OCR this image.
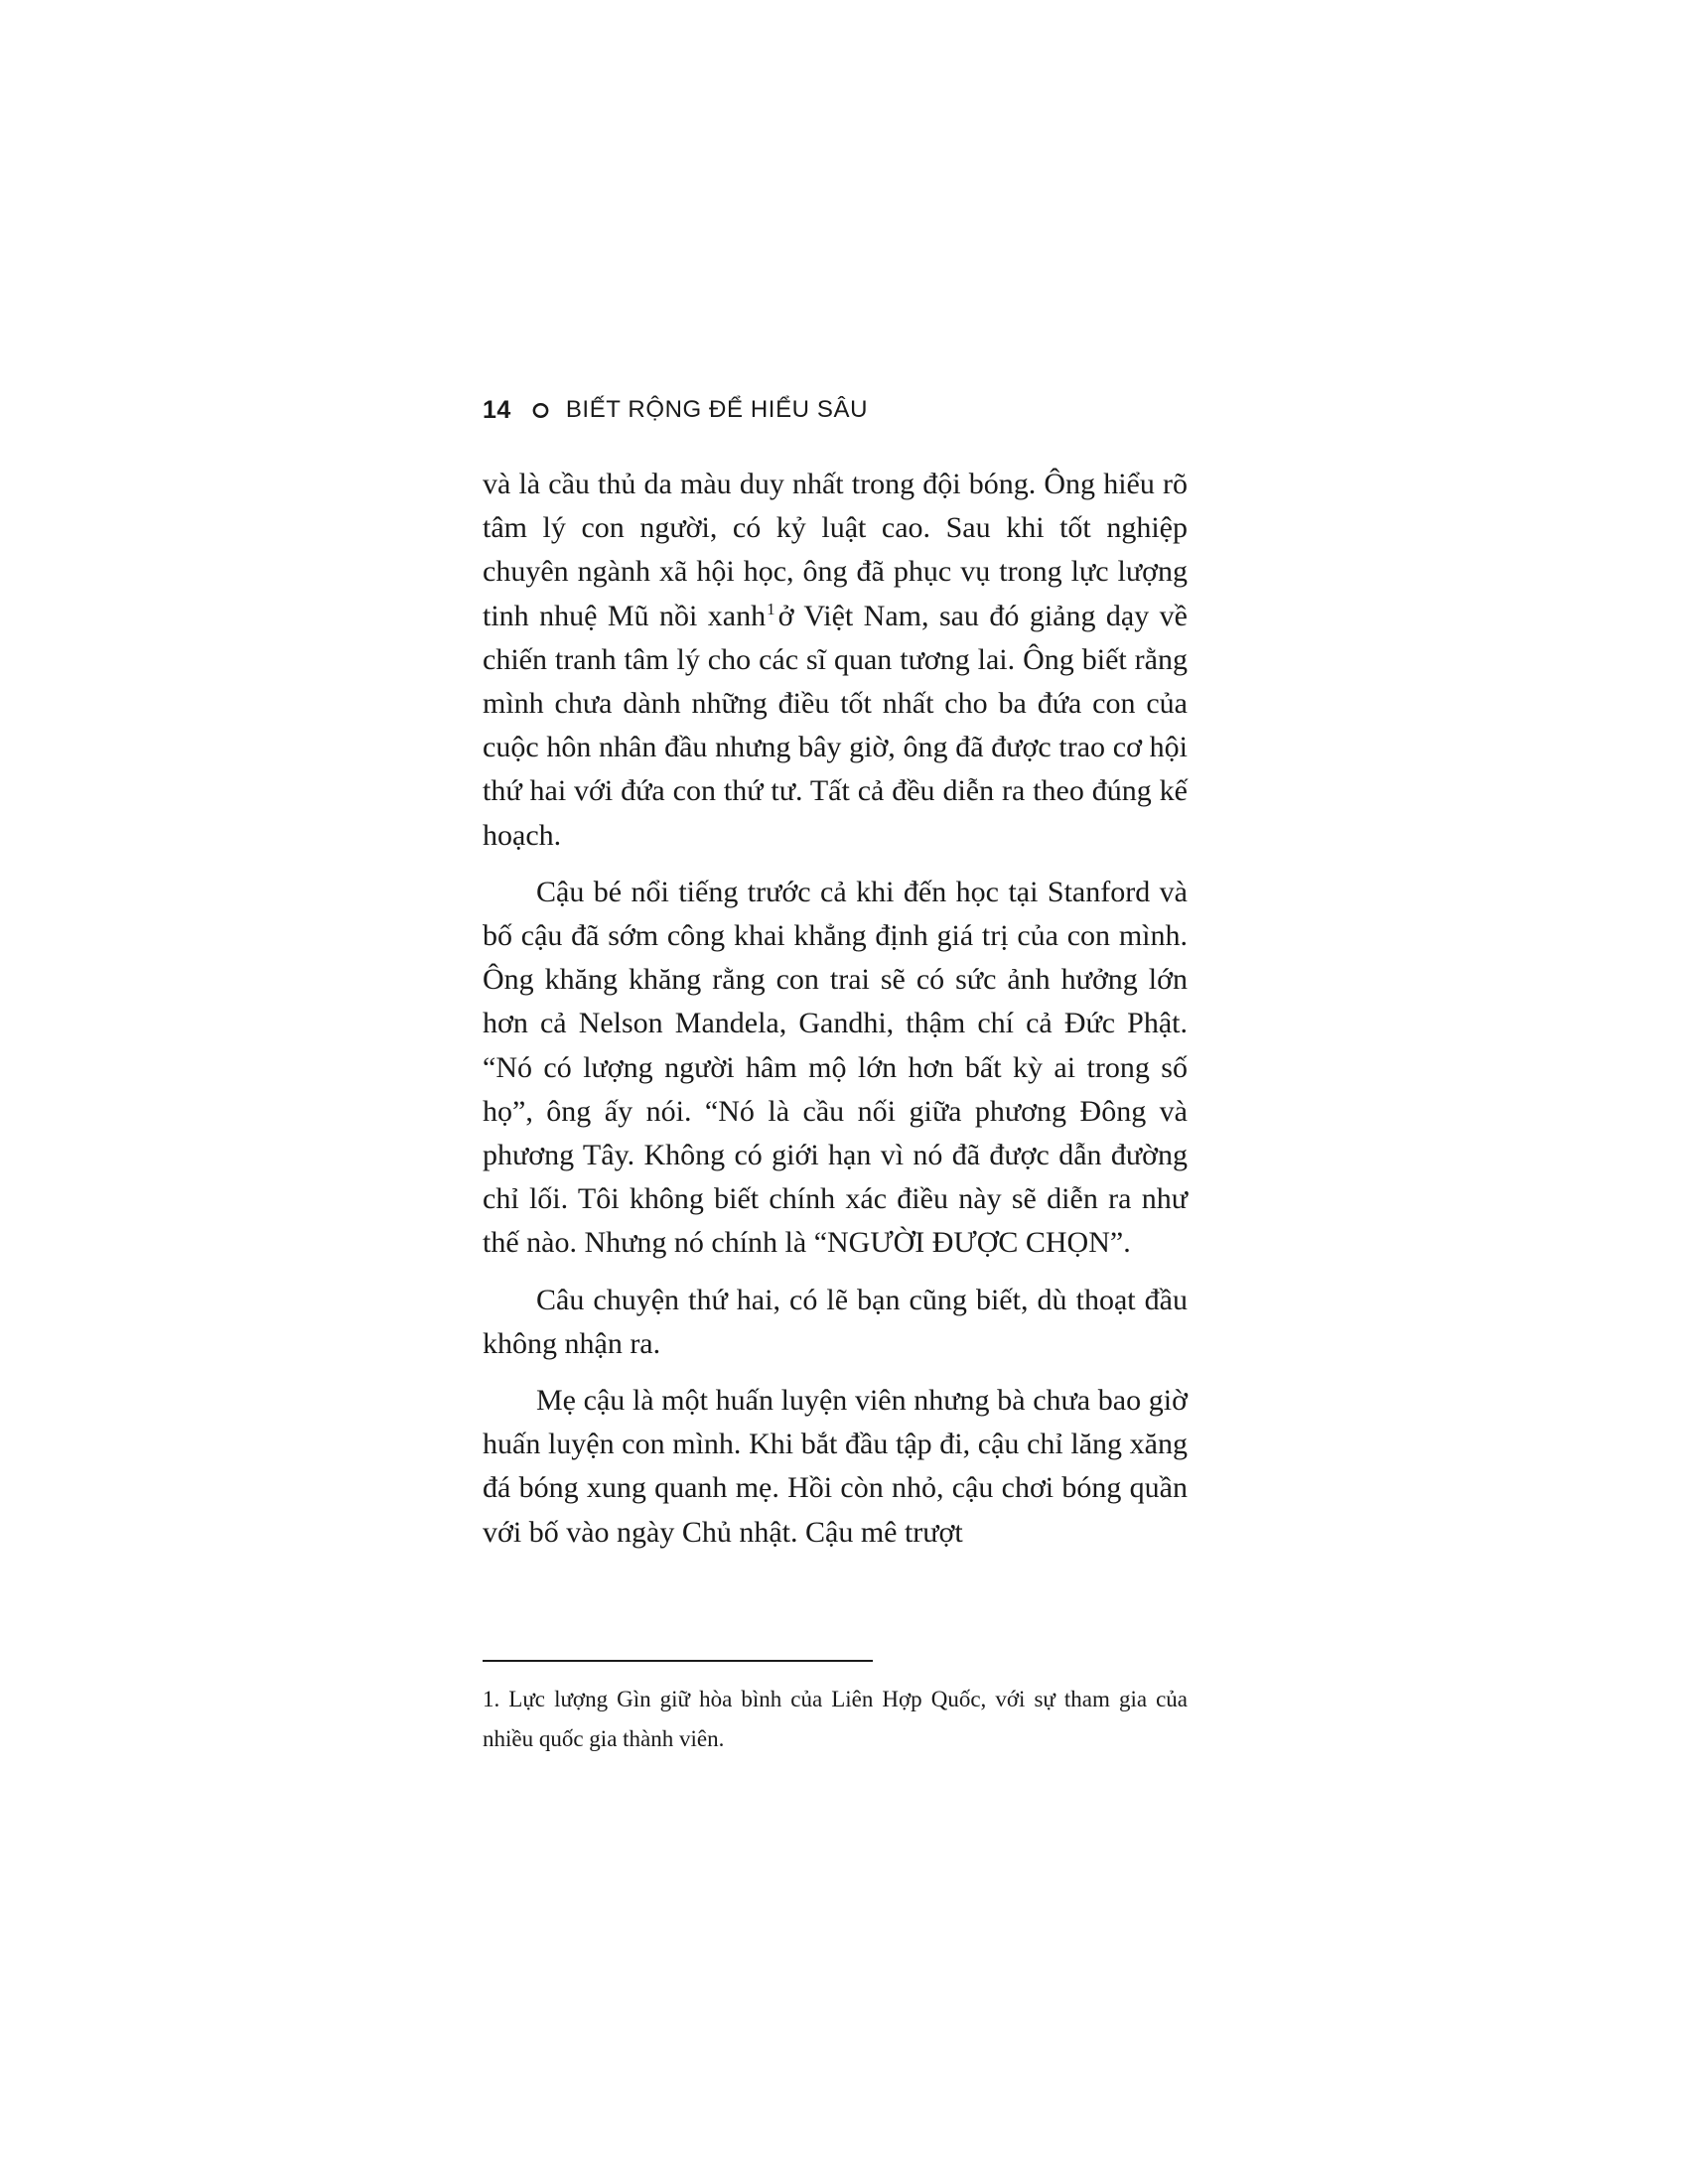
14 BIẾT RỘNG ĐỂ HIỂU SÂU

và là cầu thủ da màu duy nhất trong đội bóng. Ông hiểu rõ tâm lý con người, có kỷ luật cao. Sau khi tốt nghiệp chuyên ngành xã hội học, ông đã phục vụ trong lực lượng tinh nhuệ Mũ nồi xanh$^1$ ở Việt Nam, sau đó giảng dạy về chiến tranh tâm lý cho các sĩ quan tương lai. Ông biết rằng mình chưa dành những điều tốt nhất cho ba đứa con của cuộc hôn nhân đầu nhưng bây giờ, ông đã được trao cơ hội thứ hai với đứa con thứ tư. Tất cả đều diễn ra theo đúng kế hoạch.

Cậu bé nổi tiếng trước cả khi đến học tại Stanford và bố cậu đã sớm công khai khẳng định giá trị của con mình. Ông khăng khăng rằng con trai sẽ có sức ảnh hưởng lớn hơn cả Nelson Mandela, Gandhi, thậm chí cả Đức Phật. “Nó có lượng người hâm mộ lớn hơn bất kỳ ai trong số họ”, ông ấy nói. “Nó là cầu nối giữa phương Đông và phương Tây. Không có giới hạn vì nó đã được dẫn đường chỉ lối. Tôi không biết chính xác điều này sẽ diễn ra như thế nào. Nhưng nó chính là “NGƯỜI ĐƯỢC CHỌN”.

Câu chuyện thứ hai, có lẽ bạn cũng biết, dù thoạt đầu không nhận ra.

Mẹ cậu là một huấn luyện viên nhưng bà chưa bao giờ huấn luyện con mình. Khi bắt đầu tập đi, cậu chỉ lăng xăng đá bóng xung quanh mẹ. Hồi còn nhỏ, cậu chơi bóng quần với bố vào ngày Chủ nhật. Cậu mê trượt

1. Lực lượng Gìn giữ hòa bình của Liên Hợp Quốc, với sự tham gia của nhiều quốc gia thành viên.
